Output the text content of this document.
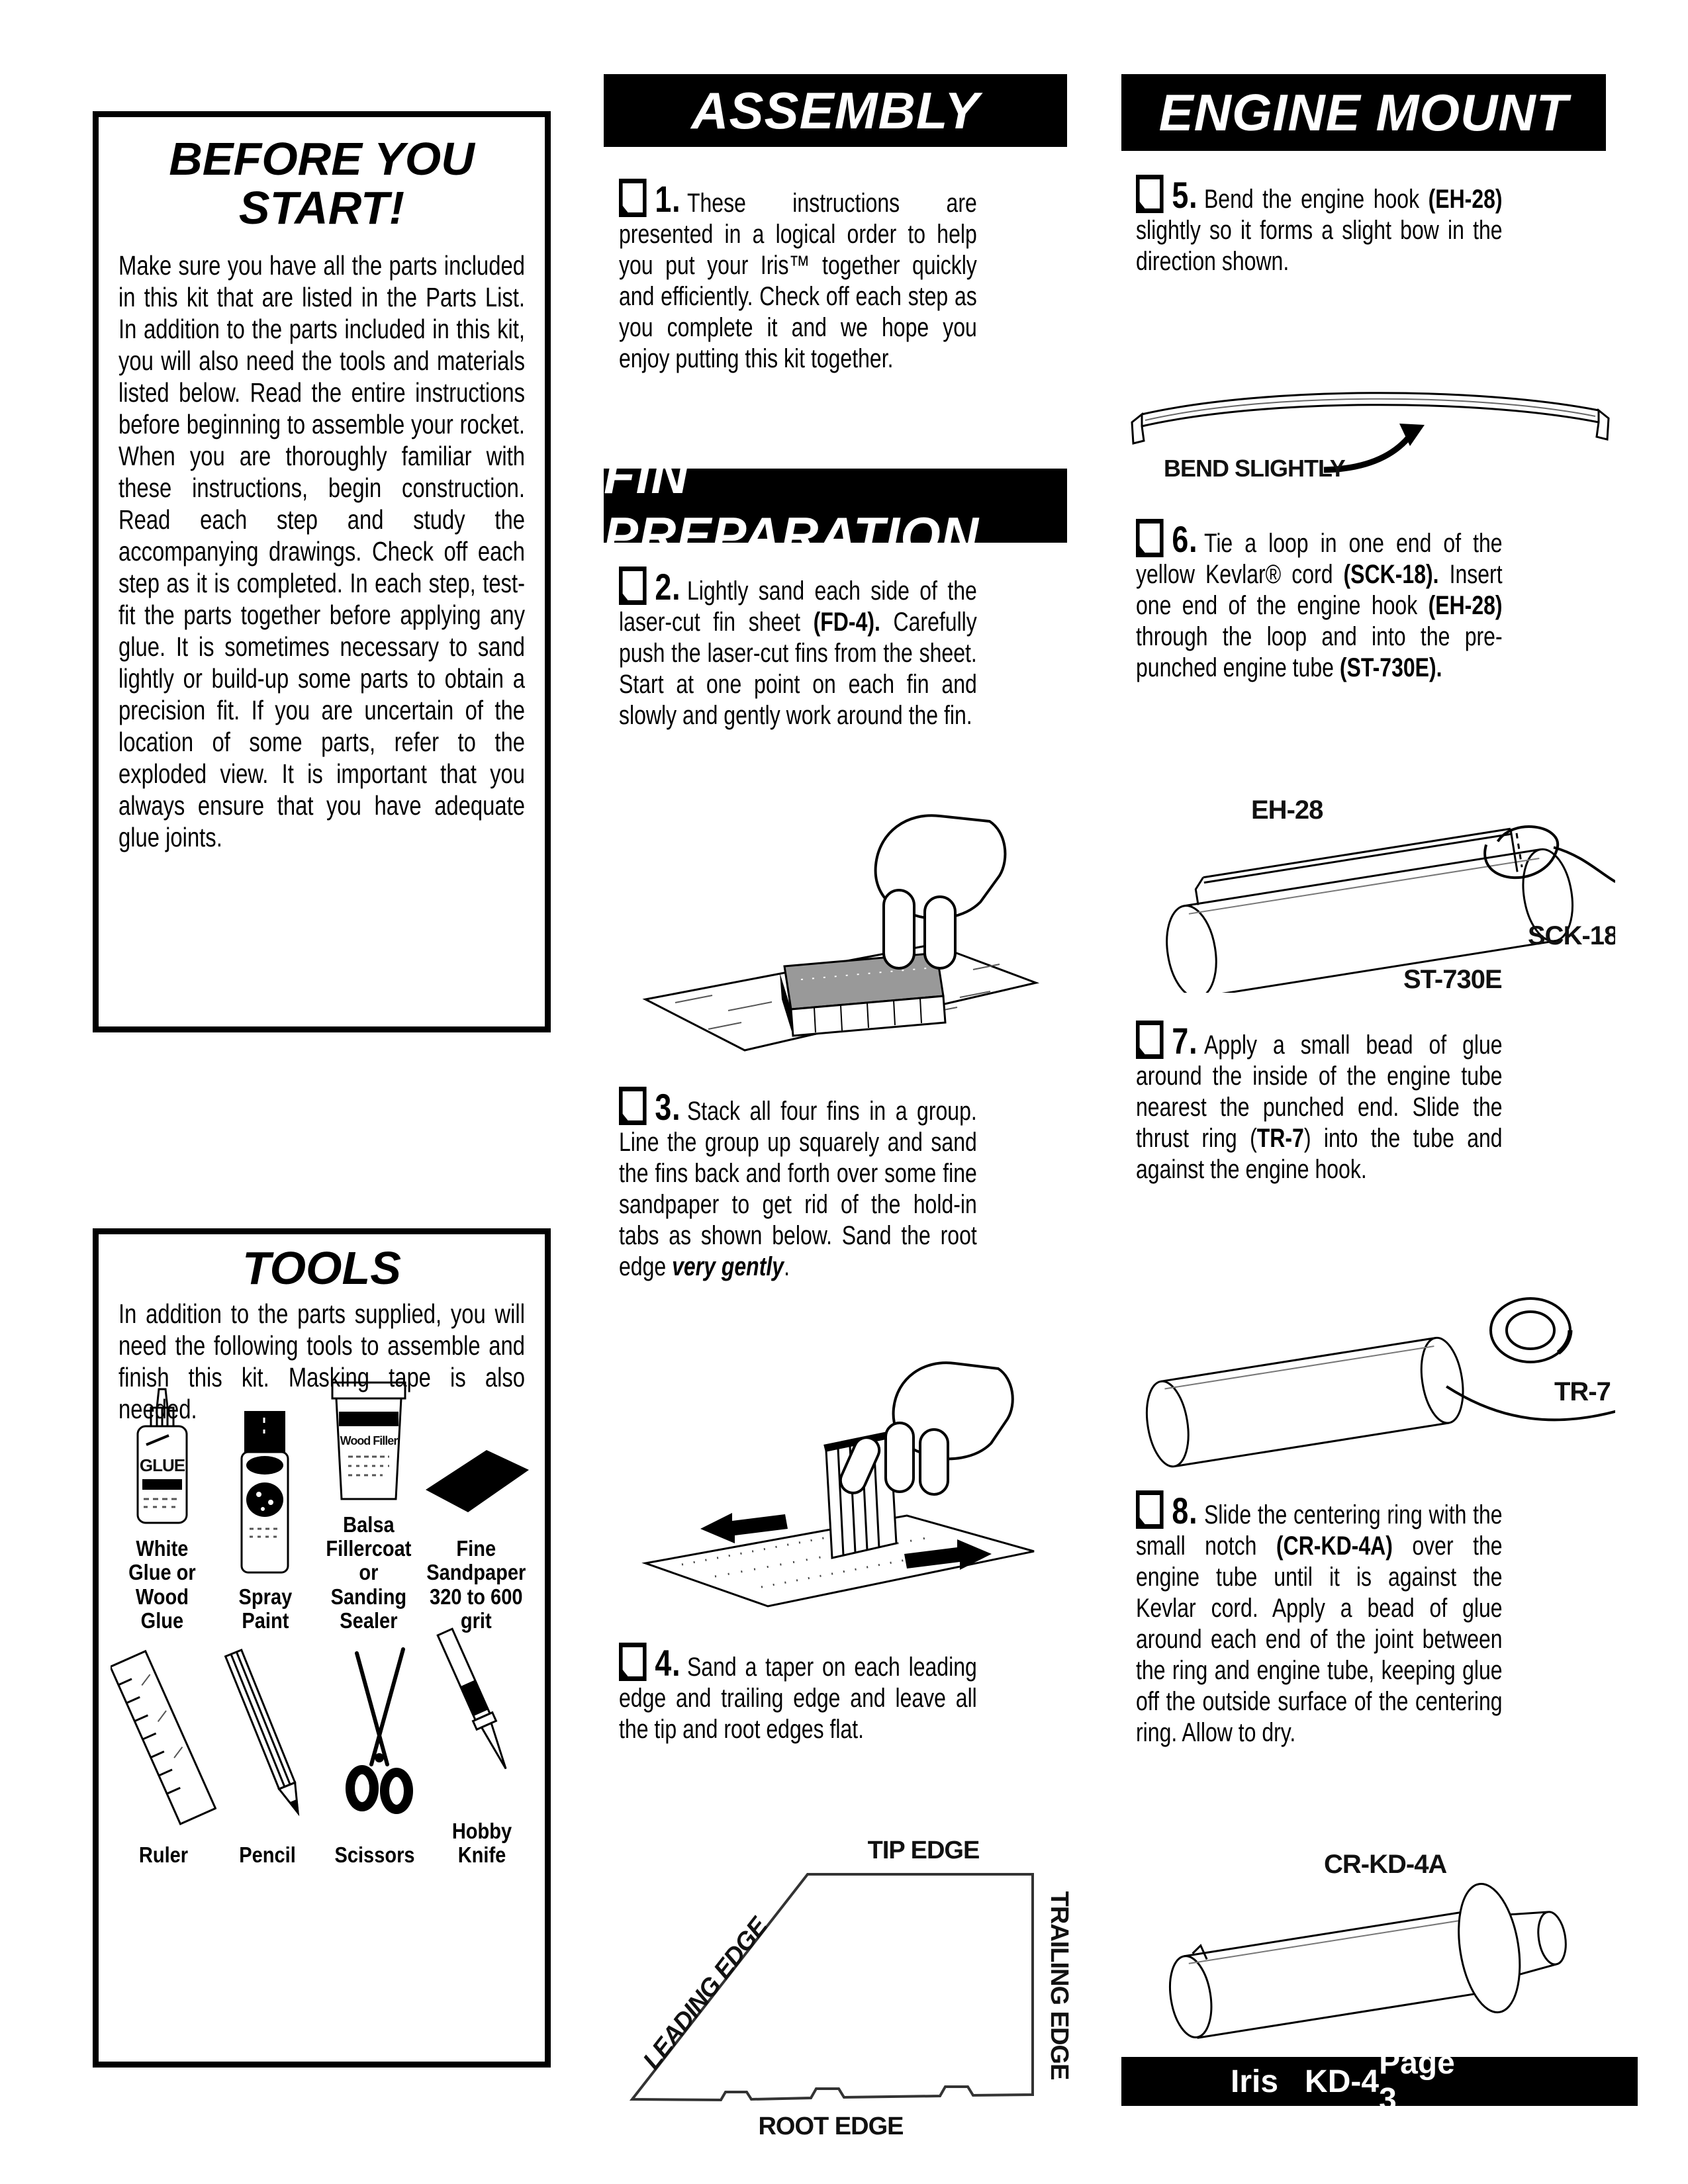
BEFORE YOU START!

Make sure you have all the parts included in this kit that are listed in the Parts List. In addition to the parts included in this kit, you will also need the tools and materials listed below. Read the entire instructions before beginning to assemble your rocket. When you are thoroughly familiar with these instructions, begin construction. Read each step and study the accompanying drawings. Check off each step as it is completed. In each step, test-fit the parts together before applying any glue. It is sometimes necessary to sand lightly or build-up some parts to obtain a precision fit. If you are uncertain of the location of some parts, refer to the exploded view. It is important that you always ensure that you have adequate glue joints.

TOOLS

In addition to the parts supplied, you will need the following tools to assemble and finish this kit. Masking tape is also needed.

GLUE
White Glue or Wood Glue
Spray Paint
Wood Filler
Balsa Fillercoat or Sanding Sealer
Fine Sandpaper 320 to 600 grit
Ruler	Pencil	Scissors
Hobby Knife
ASSEMBLY

1. These instructions are presented in a logical order to help you put your Iris™ together quickly and efficiently. Check off each step as you complete it and we hope you enjoy putting this kit together.

FIN PREPARATION

2. Lightly sand each side of the laser-cut fin sheet (FD-4). Carefully push the laser-cut fins from the sheet. Start at one point on each fin and slowly and gently work around the fin.

3. Stack all four fins in a group. Line the group up squarely and sand the fins back and forth over some fine sandpaper to get rid of the hold-in tabs as shown below. Sand the root edge very gently.

4. Sand a taper on each leading edge and trailing edge and leave all the tip and root edges flat.

TIP EDGE
LEADING EDGE	TRAILING EDGE
ROOT EDGE
ENGINE MOUNT

5. Bend the engine hook (EH-28) slightly so it forms a slight bow in the direction shown.

BEND SLIGHTLY

6. Tie a loop in one end of the yellow Kevlar® cord (SCK-18). Insert one end of the engine hook (EH-28) through the loop and into the pre-punched engine tube (ST-730E).

EH-28
SCK-18
ST-730E

7. Apply a small bead of glue around the inside of the engine tube nearest the punched end. Slide the thrust ring (TR-7) into the tube and against the engine hook.

TR-7

8. Slide the centering ring with the small notch (CR-KD-4A) over the engine tube until it is against the Kevlar cord. Apply a bead of glue around each end of the joint between the ring and engine tube, keeping glue off the outside surface of the centering ring. Allow to dry.

CR-KD-4A
Iris   KD-4
Page 3
